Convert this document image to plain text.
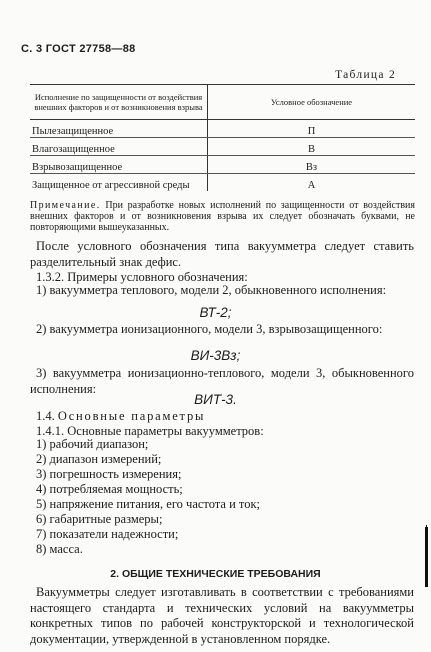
С. 3 ГОСТ 27758—88
Таблица 2
Исполнение по защищенности от воздействия внешних факторов и от возникновения взрыва	Условное обозначение
Пылезащищенное	П
Влагозащищенное	В
Взрывозащищенное	Вз
Защищенное от агрессивной среды	А
Примечание. При разработке новых исполнений по защищенности от воздействия внешних факторов и от возникновения взрыва их следует обозначать буквами, не повторяющими вышеуказанных.
После условного обозначения типа вакуумметра следует ставить разделительный знак дефис.
1.3.2. Примеры условного обозначения:
1) вакуумметра теплового, модели 2, обыкновенного исполнения:
ВТ-2;
2) вакуумметра ионизационного, модели 3, взрывозащищенного:
ВИ-3Вз;
3) вакуумметра ионизационно-теплового, модели 3, обыкновенного исполнения:
ВИТ-3.
1.4. Основные параметры
1.4.1. Основные параметры вакуумметров:
1) рабочий диапазон;
2) диапазон измерений;
3) погрешность измерения;
4) потребляемая мощность;
5) напряжение питания, его частота и ток;
6) габаритные размеры;
7) показатели надежности;
8) масса.
2. ОБЩИЕ ТЕХНИЧЕСКИЕ ТРЕБОВАНИЯ
Вакуумметры следует изготавливать в соответствии с требованиями настоящего стандарта и технических условий на вакуумметры конкретных типов по рабочей конструкторской и технологической документации, утвержденной в установленном порядке.
